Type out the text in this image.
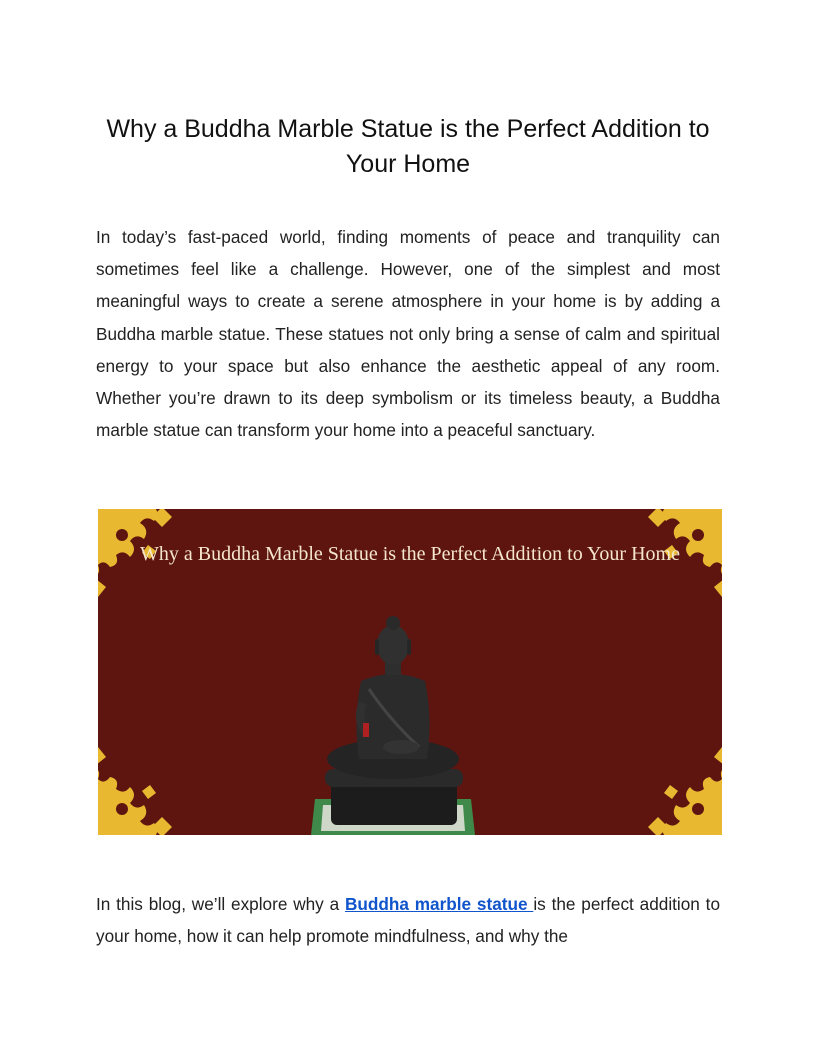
Why a Buddha Marble Statue is the Perfect Addition to Your Home

In today’s fast-paced world, finding moments of peace and tranquility can sometimes feel like a challenge. However, one of the simplest and most meaningful ways to create a serene atmosphere in your home is by adding a Buddha marble statue. These statues not only bring a sense of calm and spiritual energy to your space but also enhance the aesthetic appeal of any room. Whether you’re drawn to its deep symbolism or its timeless beauty, a Buddha marble statue can transform your home into a peaceful sanctuary.

In this blog, we’ll explore why a Buddha marble statue is the perfect addition to your home, how it can help promote mindfulness, and why the

Why a Buddha Marble Statue is the Perfect Addition to Your Home
